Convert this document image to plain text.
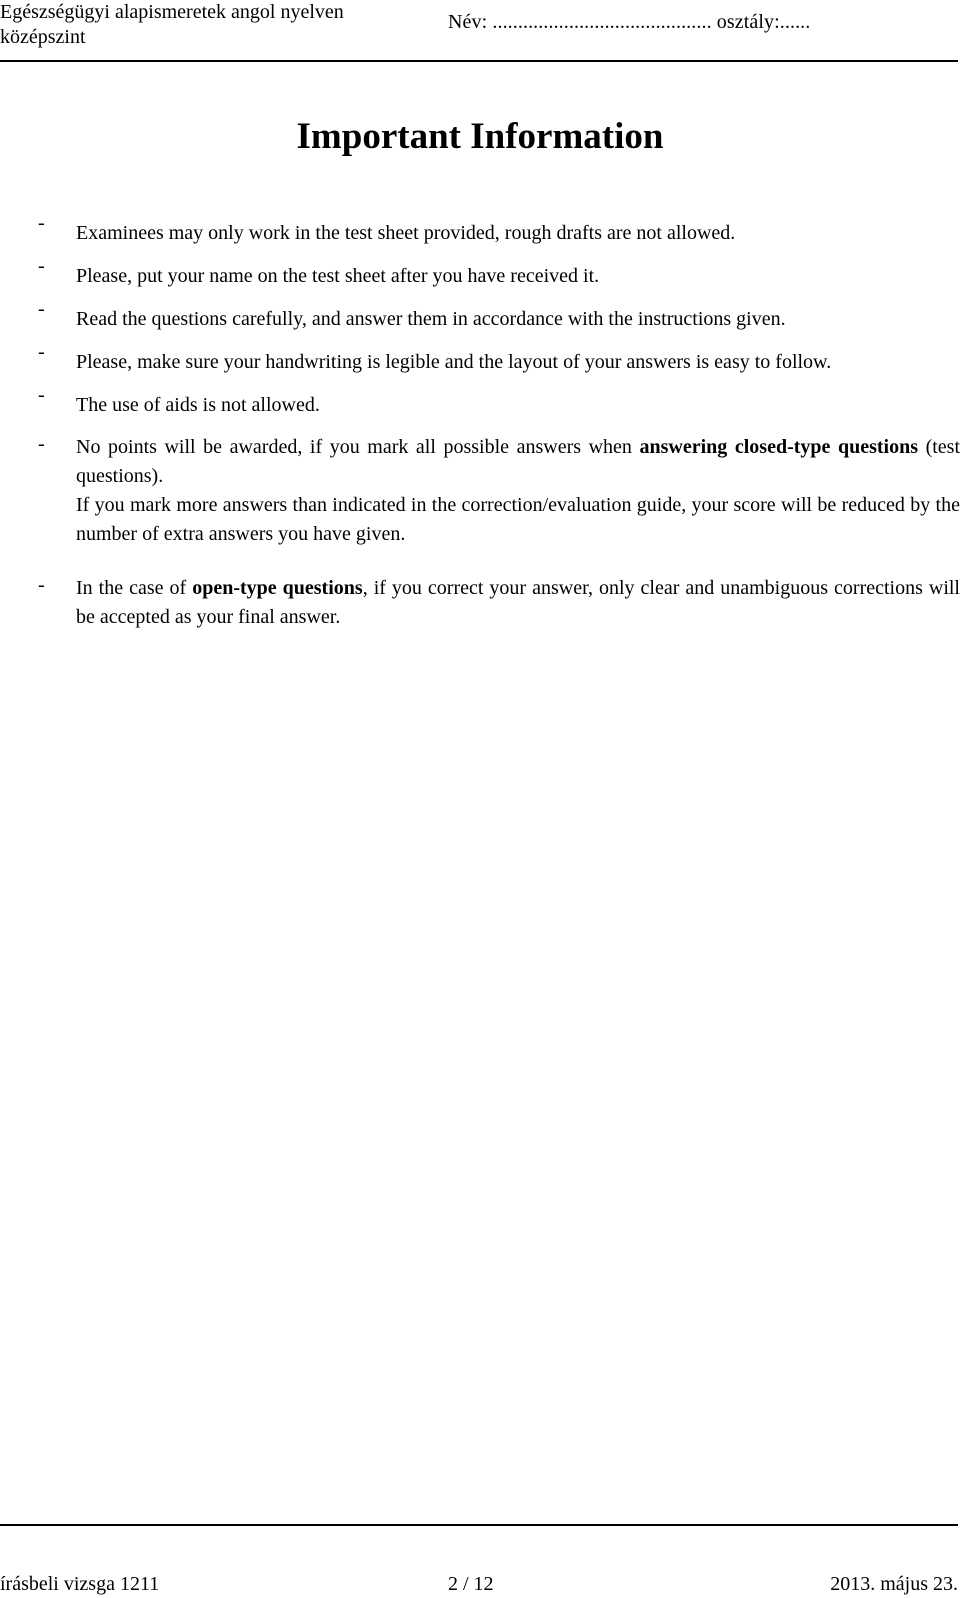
Egészségügyi alapismeretek angol nyelven
középszint
Név: ........................................... osztály:......
Important Information
-	Examinees may only work in the test sheet provided, rough drafts are not allowed.
-	Please, put your name on the test sheet after you have received it.
-	Read the questions carefully, and answer them in accordance with the instructions given.
-	Please, make sure your handwriting is legible and the layout of your answers is easy to follow.
-	The use of aids is not allowed.
-	No points will be awarded, if you mark all possible answers when answering closed-type questions (test questions).
If you mark more answers than indicated in the correction/evaluation guide, your score will be reduced by the number of extra answers you have given.
-	In the case of open-type questions, if you correct your answer, only clear and unambiguous corrections will be accepted as your final answer.
írásbeli vizsga 1211	2 / 12	2013. május 23.
